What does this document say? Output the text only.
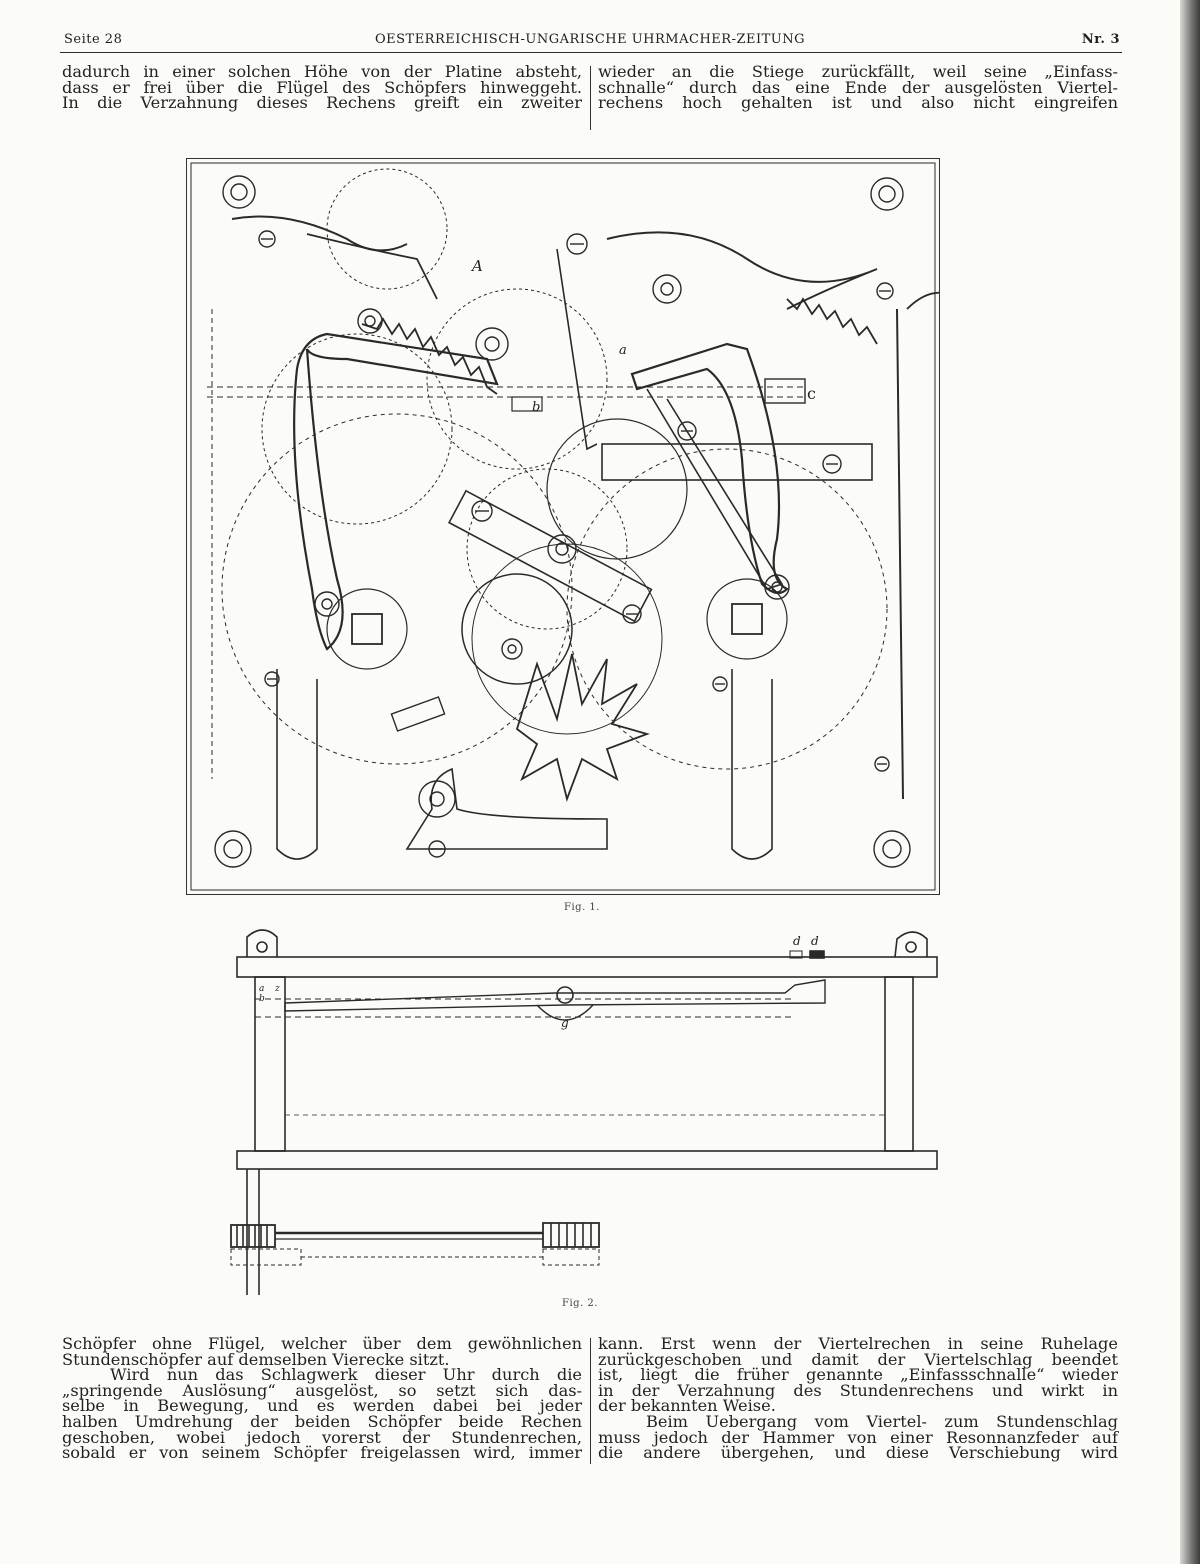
Seite 28	OESTERREICHISCH-UNGARISCHE UHRMACHER-ZEITUNG	Nr. 3
dadurch in einer solchen Höhe von der Platine absteht,
dass er frei über die Flügel des Schöpfers hinweggeht.
In die Verzahnung dieses Rechens greift ein zweiter
wieder an die Stiege zurückfällt, weil seine „Einfass-
schnalle“ durch das eine Ende der ausgelösten Viertel-
rechens hoch gehalten ist und also nicht eingreifen
A
a
b
c
Fig. 1.
d d
g
a
b
z
Fig. 2.
Schöpfer ohne Flügel, welcher über dem gewöhnlichen
Stundenschöpfer auf demselben Vierecke sitzt.
Wird nun das Schlagwerk dieser Uhr durch die
„springende Auslösung“ ausgelöst, so setzt sich das-
selbe in Bewegung, und es werden dabei bei jeder
halben Umdrehung der beiden Schöpfer beide Rechen
geschoben, wobei jedoch vorerst der Stundenrechen,
sobald er von seinem Schöpfer freigelassen wird, immer
kann. Erst wenn der Viertelrechen in seine Ruhelage
zurückgeschoben und damit der Viertelschlag beendet
ist, liegt die früher genannte „Einfassschnalle“ wieder
in der Verzahnung des Stundenrechens und wirkt in
der bekannten Weise.
Beim Uebergang vom Viertel- zum Stundenschlag
muss jedoch der Hammer von einer Resonnanzfeder auf
die andere übergehen, und diese Verschiebung wird
